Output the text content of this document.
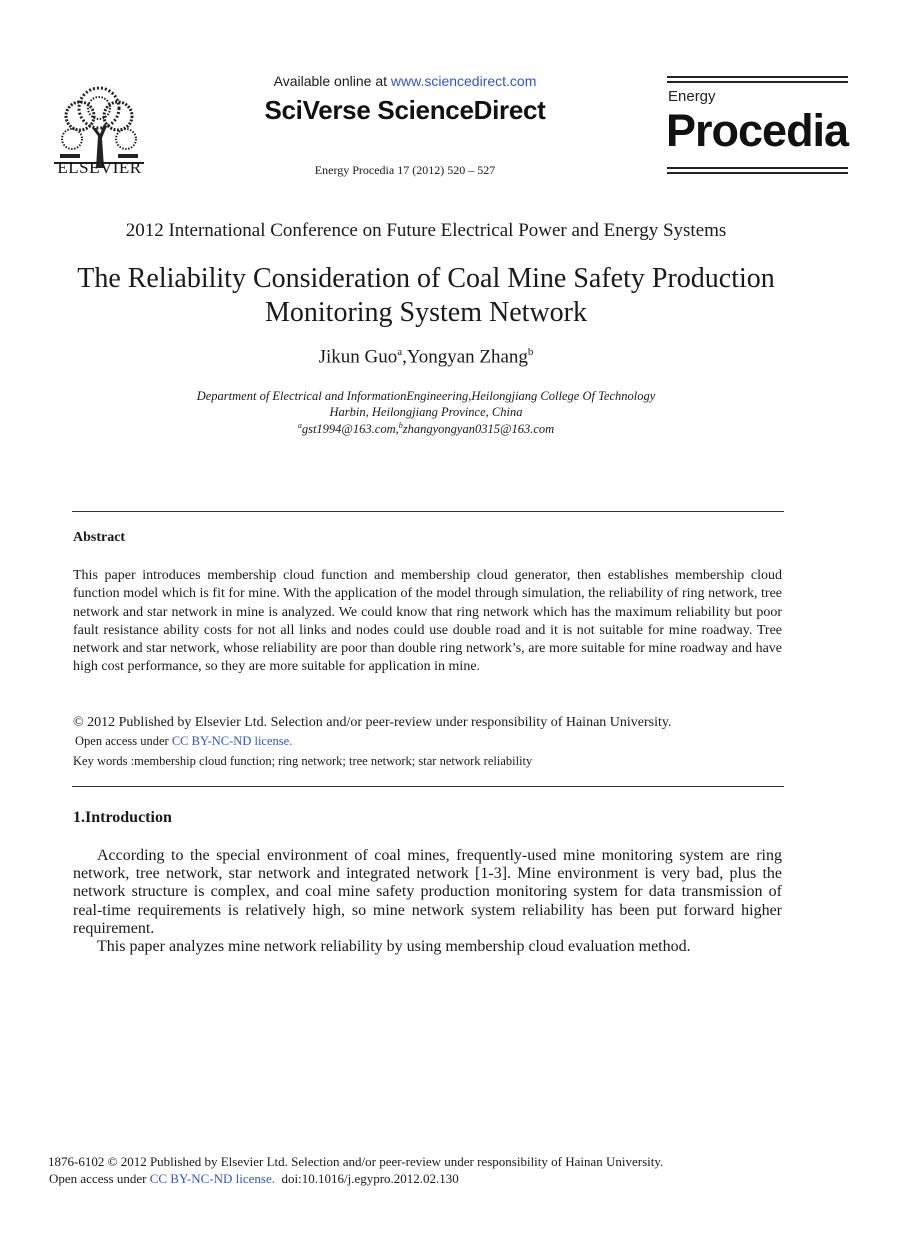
ELSEVIER
Available online at www.sciencedirect.com
SciVerse ScienceDirect
Energy Procedia 17 (2012) 520 – 527
Energy
Procedia
2012 International Conference on Future Electrical Power and Energy Systems
The Reliability Consideration of Coal Mine Safety Production Monitoring System Network
Jikun Guo$^a$,Yongyan Zhang$^b$
Department of Electrical and InformationEngineering,Heilongjiang College Of Technology
Harbin, Heilongjiang Province, China
$^a$gst1994@163.com,$^b$zhangyongyan0315@163.com
Abstract
This paper introduces membership cloud function and membership cloud generator, then establishes membership cloud function model which is fit for mine. With the application of the model through simulation, the reliability of ring network, tree network and star network in mine is analyzed. We could know that ring network which has the maximum reliability but poor fault resistance ability costs for not all links and nodes could use double road and it is not suitable for mine roadway. Tree network and star network, whose reliability are poor than double ring network’s, are more suitable for mine roadway and have high cost performance, so they are more suitable for application in mine.
© 2012 Published by Elsevier Ltd. Selection and/or peer-review under responsibility of Hainan University.
Open access under CC BY-NC-ND license.
Key words :membership cloud function; ring network; tree network; star network reliability
1.Introduction

According to the special environment of coal mines, frequently-used mine monitoring system are ring network, tree network, star network and integrated network [1-3]. Mine environment is very bad, plus the network structure is complex, and coal mine safety production monitoring system for data transmission of real-time requirements is relatively high, so mine network system reliability has been put forward higher requirement.

This paper analyzes mine network reliability by using membership cloud evaluation method.

1876-6102 © 2012 Published by Elsevier Ltd. Selection and/or peer-review under responsibility of Hainan University.
Open access under CC BY-NC-ND license.  doi:10.1016/j.egypro.2012.02.130
